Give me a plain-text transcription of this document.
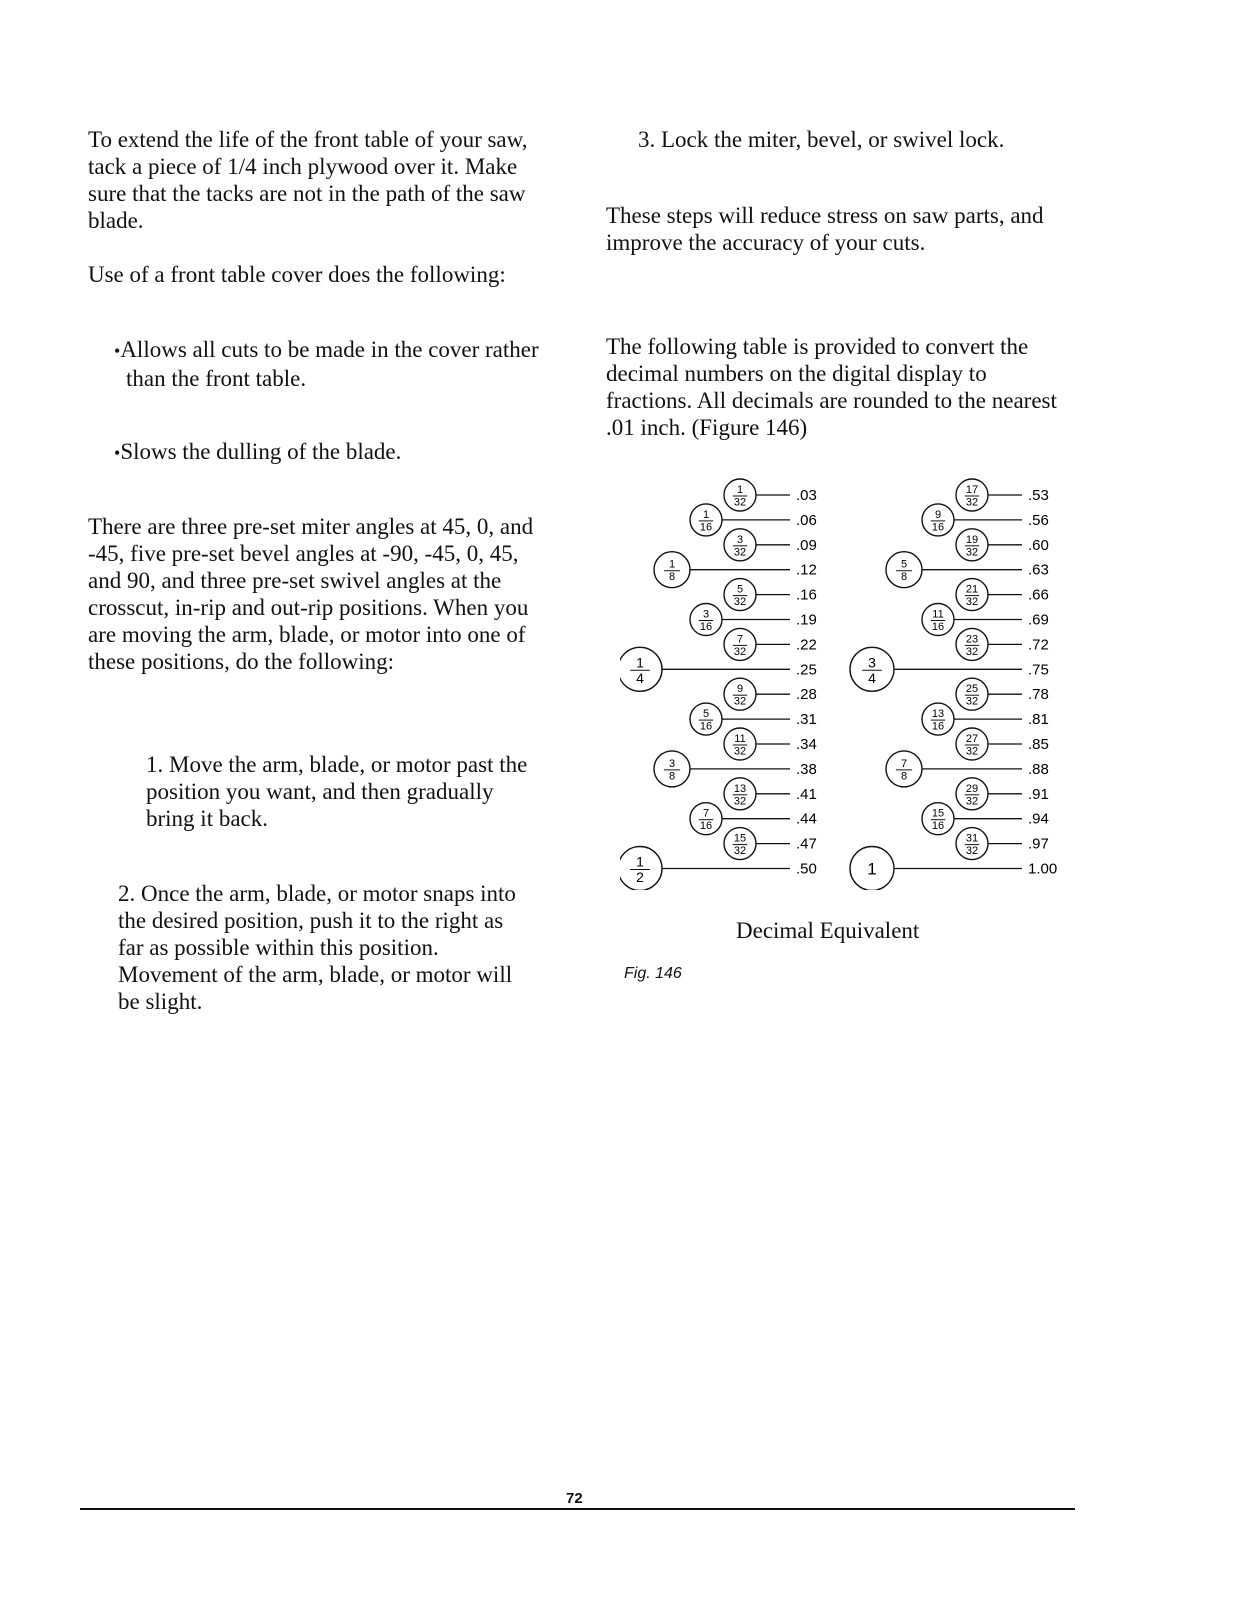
To extend the life of the front table of your saw, tack a piece of 1/4 inch plywood over it. Make sure that the tacks are not in the path of the saw blade.

Use of a front table cover does the following:

•Allows all cuts to be made in the cover rather than the front table.

•Slows the dulling of the blade.

There are three pre-set miter angles at 45, 0, and -45, five pre-set bevel angles at -90, -45, 0, 45, and 90, and three pre-set swivel angles at the crosscut, in-rip and out-rip positions. When you are moving the arm, blade, or motor into one of these positions, do the following:

1. Move the arm, blade, or motor past the position you want, and then gradually bring it back.

2. Once the arm, blade, or motor snaps into the desired position, push it to the right as far as possible within this position. Movement of the arm, blade, or motor will be slight.

3. Lock the miter, bevel, or swivel lock.

These steps will reduce stress on saw parts, and improve the accuracy of your cuts.

The following table is provided to convert the decimal numbers on the digital display to fractions. All decimals are rounded to the nearest .01 inch. (Figure 146)

1
32	.03
1
16	.06
3
32	.09
1
8	.12
5
32	.16
3
16	.19
7
32	.22
1
4	.25
9
32	.28
5
16	.31
11
32	.34
3
8	.38
13
32	.41
7
16	.44
15
32	.47
1
2	.50
17
32	.53
9
16	.56
19
32	.60
5
8	.63
21
32	.66
11
16	.69
23
32	.72
3
4	.75
25
32	.78
13
16	.81
27
32	.85
7
8	.88
29
32	.91
15
16	.94
31
32	.97
1	1.00
Decimal Equivalent
Fig. 146
72
